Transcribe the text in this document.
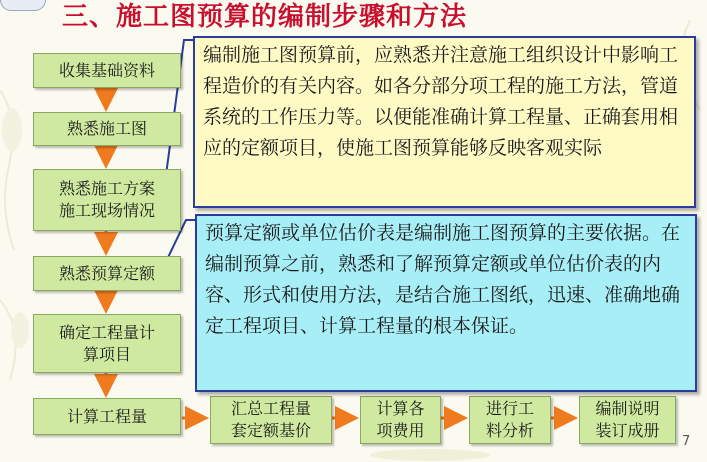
三、施工图预算的编制步骤和方法
收集基础资料
熟悉施工图
熟悉施工方案
施工现场情况
熟悉预算定额
确定工程量计
算项目
计算工程量	汇总工程量
套定额基价
计算各
项费用
进行工
料分析
编制说明
装订成册
编制施工图预算前，应熟悉并注意施工组织设计中影响工程造价的有关内容。如各分部分项工程的施工方法，管道系统的工作压力等。以便能准确计算工程量、正确套用相应的定额项目，使施工图预算能够反映客观实际
预算定额或单位估价表是编制施工图预算的主要依据。在编制预算之前，熟悉和了解预算定额或单位估价表的内容、形式和使用方法，是结合施工图纸，迅速、准确地确定工程项目、计算工程量的根本保证。
7
